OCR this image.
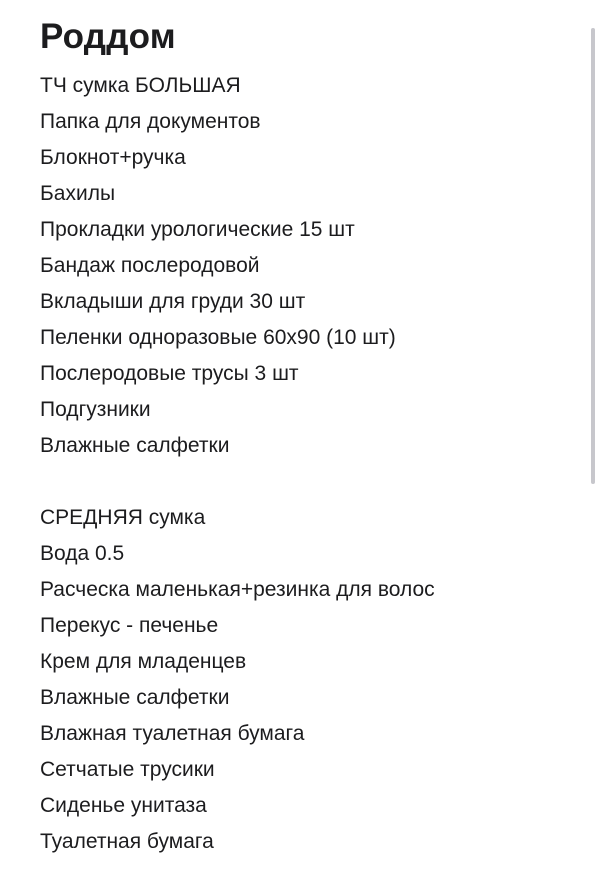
Роддом
ТЧ сумка БОЛЬШАЯ
Папка для документов
Блокнот+ручка
Бахилы
Прокладки урологические 15 шт
Бандаж послеродовой
Вкладыши для груди 30 шт
Пеленки одноразовые 60х90 (10 шт)
Послеродовые трусы 3 шт
Подгузники
Влажные салфетки
СРЕДНЯЯ сумка
Вода 0.5
Расческа маленькая+резинка для волос
Перекус - печенье
Крем для младенцев
Влажные салфетки
Влажная туалетная бумага
Сетчатые трусики
Сиденье унитаза
Туалетная бумага
